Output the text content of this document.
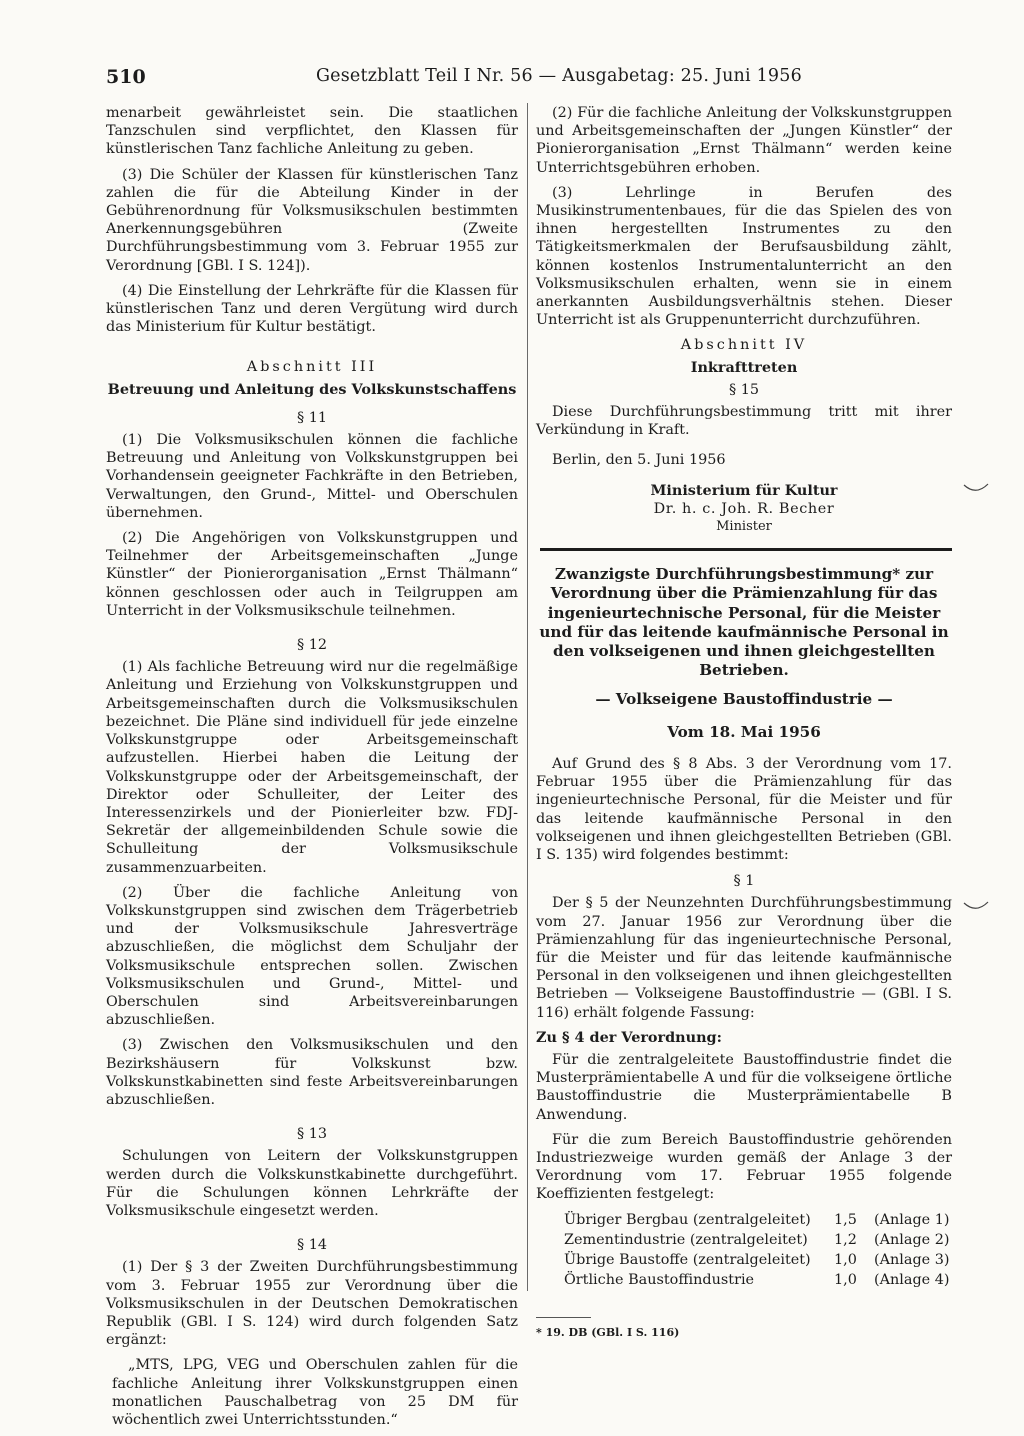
510	Gesetzblatt Teil I Nr. 56 — Ausgabetag: 25. Juni 1956

menarbeit gewährleistet sein. Die staatlichen Tanzschulen sind verpflichtet, den Klassen für künstlerischen Tanz fachliche Anleitung zu geben.

(3) Die Schüler der Klassen für künstlerischen Tanz zahlen die für die Abteilung Kinder in der Gebührenordnung für Volksmusikschulen bestimmten Anerkennungsgebühren (Zweite Durchführungsbestimmung vom 3. Februar 1955 zur Verordnung [GBl. I S. 124]).

(4) Die Einstellung der Lehrkräfte für die Klassen für künstlerischen Tanz und deren Vergütung wird durch das Ministerium für Kultur bestätigt.

Abschnitt III
Betreuung und Anleitung des Volkskunstschaffens
§ 11

(1) Die Volksmusikschulen können die fachliche Betreuung und Anleitung von Volkskunstgruppen bei Vorhandensein geeigneter Fachkräfte in den Betrieben, Verwaltungen, den Grund-, Mittel- und Oberschulen übernehmen.

(2) Die Angehörigen von Volkskunstgruppen und Teilnehmer der Arbeitsgemeinschaften „Junge Künstler“ der Pionierorganisation „Ernst Thälmann“ können geschlossen oder auch in Teilgruppen am Unterricht in der Volksmusikschule teilnehmen.

§ 12

(1) Als fachliche Betreuung wird nur die regelmäßige Anleitung und Erziehung von Volkskunstgruppen und Arbeitsgemeinschaften durch die Volksmusikschulen bezeichnet. Die Pläne sind individuell für jede einzelne Volkskunstgruppe oder Arbeitsgemeinschaft aufzustellen. Hierbei haben die Leitung der Volkskunstgruppe oder der Arbeitsgemeinschaft, der Direktor oder Schulleiter, der Leiter des Interessenzirkels und der Pionierleiter bzw. FDJ-Sekretär der allgemeinbildenden Schule sowie die Schulleitung der Volksmusikschule zusammenzuarbeiten.

(2) Über die fachliche Anleitung von Volkskunstgruppen sind zwischen dem Trägerbetrieb und der Volksmusikschule Jahresverträge abzuschließen, die möglichst dem Schuljahr der Volksmusikschule entsprechen sollen. Zwischen Volksmusikschulen und Grund-, Mittel- und Oberschulen sind Arbeitsvereinbarungen abzuschließen.

(3) Zwischen den Volksmusikschulen und den Bezirkshäusern für Volkskunst bzw. Volkskunstkabinetten sind feste Arbeitsvereinbarungen abzuschließen.

§ 13

Schulungen von Leitern der Volkskunstgruppen werden durch die Volkskunstkabinette durchgeführt. Für die Schulungen können Lehrkräfte der Volksmusikschule eingesetzt werden.

§ 14

(1) Der § 3 der Zweiten Durchführungsbestimmung vom 3. Februar 1955 zur Verordnung über die Volksmusikschulen in der Deutschen Demokratischen Republik (GBl. I S. 124) wird durch folgenden Satz ergänzt:

„MTS, LPG, VEG und Oberschulen zahlen für die fachliche Anleitung ihrer Volkskunstgruppen einen monatlichen Pauschalbetrag von 25 DM für wöchentlich zwei Unterrichtsstunden.“

(2) Für die fachliche Anleitung der Volkskunstgruppen und Arbeitsgemeinschaften der „Jungen Künstler“ der Pionierorganisation „Ernst Thälmann“ werden keine Unterrichtsgebühren erhoben.

(3) Lehrlinge in Berufen des Musikinstrumentenbaues, für die das Spielen des von ihnen hergestellten Instrumentes zu den Tätigkeitsmerkmalen der Berufsausbildung zählt, können kostenlos Instrumentalunterricht an den Volksmusikschulen erhalten, wenn sie in einem anerkannten Ausbildungsverhältnis stehen. Dieser Unterricht ist als Gruppenunterricht durchzuführen.

Abschnitt IV
Inkrafttreten
§ 15

Diese Durchführungsbestimmung tritt mit ihrer Verkündung in Kraft.

Berlin, den 5. Juni 1956

Ministerium für Kultur
Dr. h. c. Joh. R. Becher
Minister
Zwanzigste Durchführungsbestimmung* zur Verordnung über die Prämienzahlung für das ingenieurtechnische Personal, für die Meister und für das leitende kaufmännische Personal in den volkseigenen und ihnen gleichgestellten Betrieben.
— Volkseigene Baustoffindustrie —
Vom 18. Mai 1956

Auf Grund des § 8 Abs. 3 der Verordnung vom 17. Februar 1955 über die Prämienzahlung für das ingenieurtechnische Personal, für die Meister und für das leitende kaufmännische Personal in den volkseigenen und ihnen gleichgestellten Betrieben (GBl. I S. 135) wird folgendes bestimmt:

§ 1

Der § 5 der Neunzehnten Durchführungsbestimmung vom 27. Januar 1956 zur Verordnung über die Prämienzahlung für das ingenieurtechnische Personal, für die Meister und für das leitende kaufmännische Personal in den volkseigenen und ihnen gleichgestellten Betrieben — Volkseigene Baustoffindustrie — (GBl. I S. 116) erhält folgende Fassung:

Zu § 4 der Verordnung:

Für die zentralgeleitete Baustoffindustrie findet die Musterprämientabelle A und für die volkseigene örtliche Baustoffindustrie die Musterprämientabelle B Anwendung.

Für die zum Bereich Baustoffindustrie gehörenden Industriezweige wurden gemäß der Anlage 3 der Verordnung vom 17. Februar 1955 folgende Koeffizienten festgelegt:

Übriger Bergbau (zentralgeleitet)	1,5	(Anlage 1)
Zementindustrie (zentralgeleitet)	1,2	(Anlage 2)
Übrige Baustoffe (zentralgeleitet)	1,0	(Anlage 3)
Örtliche Baustoffindustrie	1,0	(Anlage 4)
* 19. DB (GBl. I S. 116)
